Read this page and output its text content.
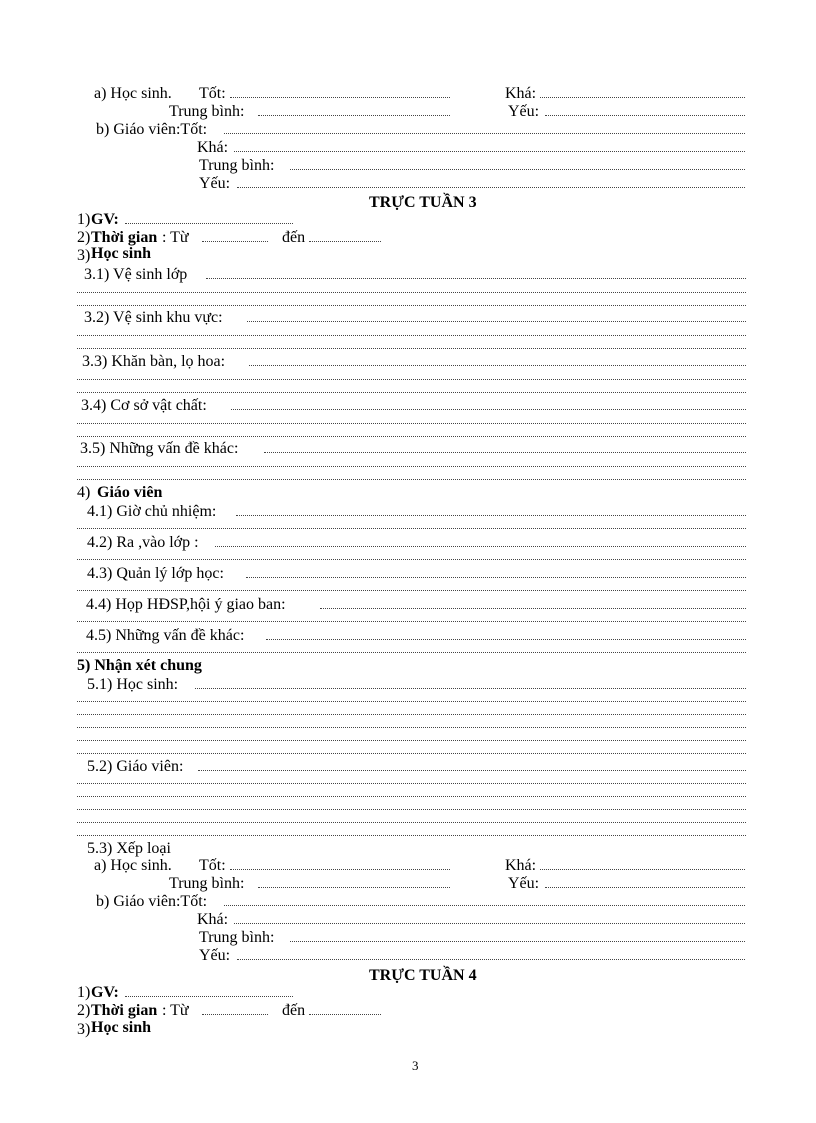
a) Học sinh. Tốt:	Khá:
Trung bình:	Yếu:
b) Giáo viên:Tốt:
Khá:
Trung bình:
Yếu:
TRỰC TUẦN 3
1) GV:
2) Thời gian : Từ	đến
3) Học sinh
3.1) Vệ sinh lớp
3.2) Vệ sinh khu vực:
3.3) Khăn bàn, lọ hoa:
3.4) Cơ sở vật chất:
3.5) Những vấn đề khác:
4) Giáo viên
4.1) Giờ chủ nhiệm:
4.2) Ra ,vào lớp :
4.3) Quản lý lớp học:
4.4) Họp HĐSP,hội ý giao ban:
4.5) Những vấn đề khác:
5) Nhận xét chung
5.1) Học sinh:
5.2) Giáo viên:
5.3) Xếp loại
a) Học sinh. Tốt:	Khá:
Trung bình:	Yếu:
b) Giáo viên:Tốt:
Khá:
Trung bình:
Yếu:
TRỰC TUẦN 4
1) GV:
2) Thời gian : Từ	đến
3) Học sinh
3
